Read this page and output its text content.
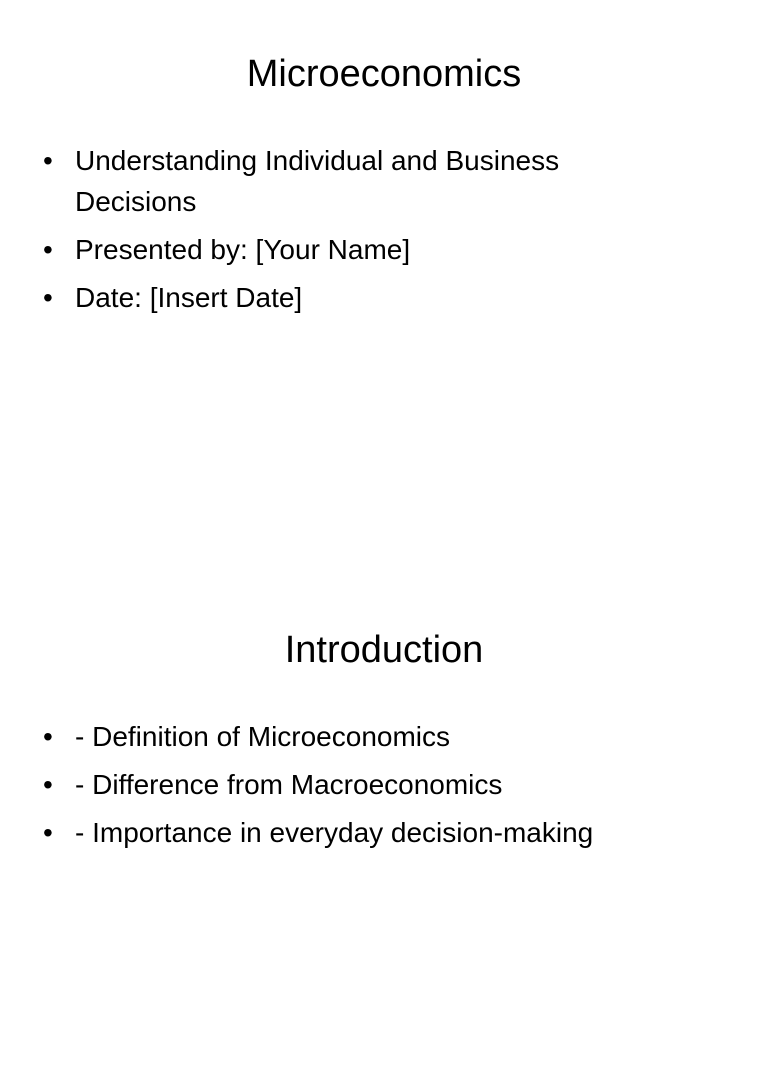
Microeconomics
• Understanding Individual and Business Decisions
• Presented by: [Your Name]
• Date: [Insert Date]
Introduction
• - Definition of Microeconomics
• - Difference from Macroeconomics
• - Importance in everyday decision-making
